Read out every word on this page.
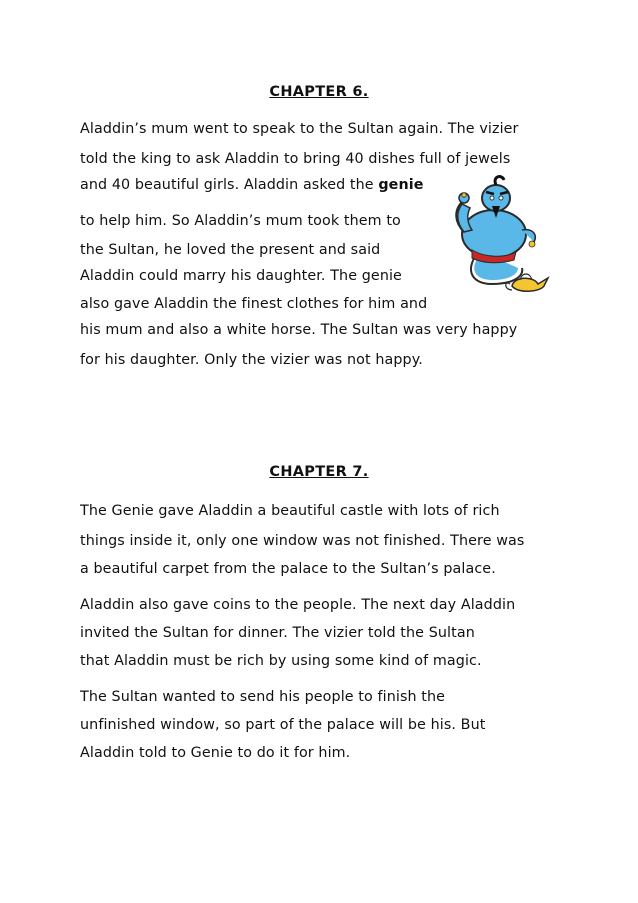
CHAPTER 6.
Aladdin’s mum went to speak to the Sultan again. The vizier
told the king to ask Aladdin to bring 40 dishes full of jewels
and 40 beautiful girls. Aladdin asked the genie
to help him. So Aladdin’s mum took them to
the Sultan, he loved the present and said
Aladdin could marry his daughter. The genie
also gave Aladdin the finest clothes for him and
his mum and also a white horse. The Sultan was very happy
for his daughter. Only the vizier was not happy.
CHAPTER 7.
The Genie gave Aladdin a beautiful castle with lots of rich
things inside it, only one window was not finished. There was
a beautiful carpet from the palace to the Sultan’s palace.
Aladdin also gave coins to the people. The next day Aladdin
invited the Sultan for dinner. The vizier told the Sultan
that Aladdin must be rich by using some kind of magic.
The Sultan wanted to send his people to finish the
unfinished window, so part of the palace will be his. But
Aladdin told to Genie to do it for him.
